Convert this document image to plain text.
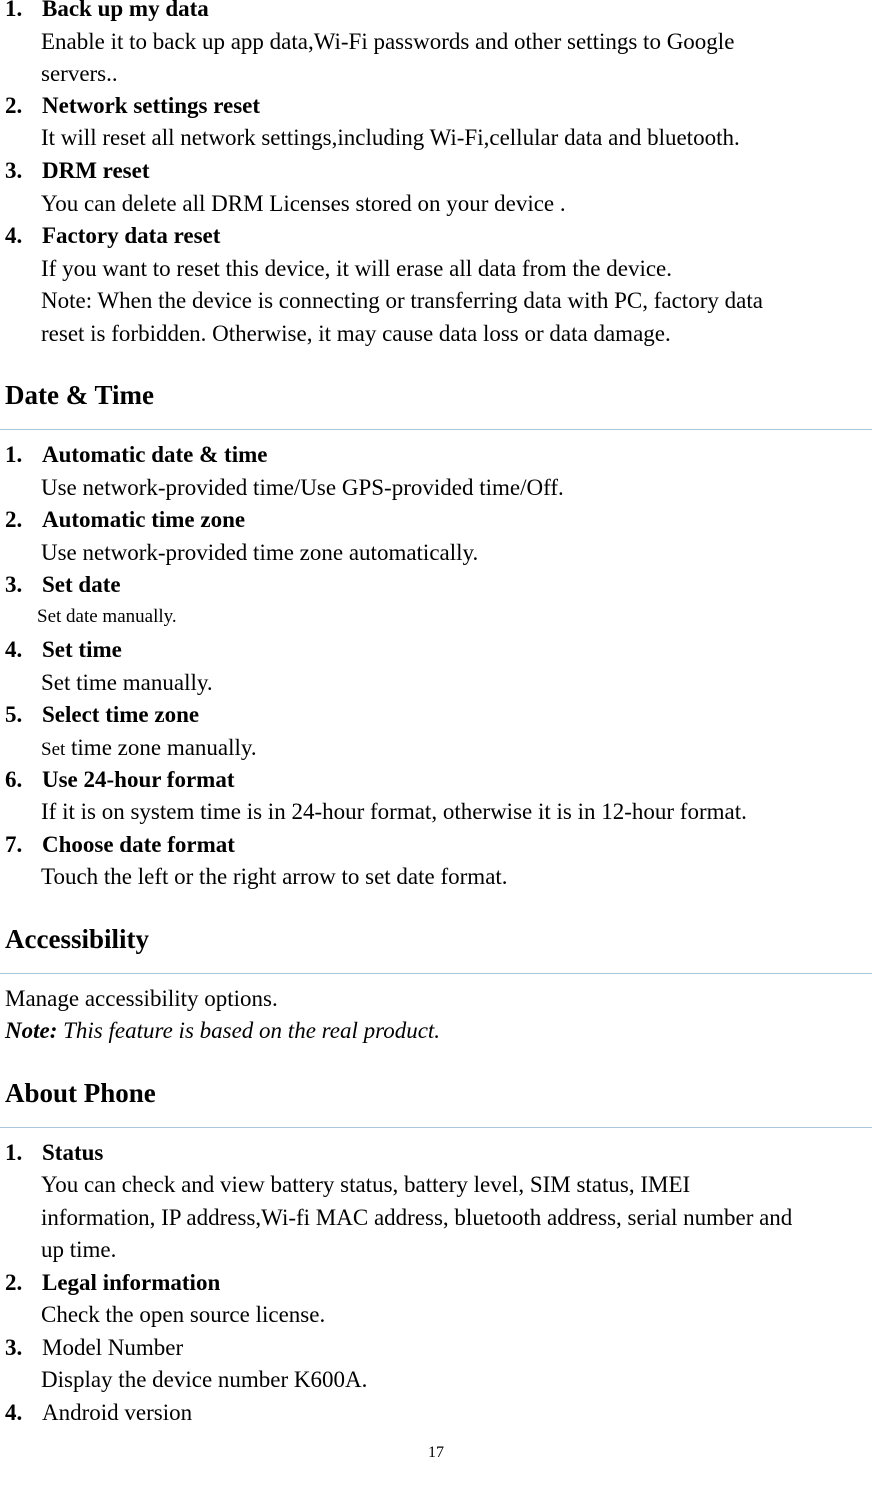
1. Back up my data
Enable it to back up app data,Wi-Fi passwords and other settings to Google
servers..
2. Network settings reset
It will reset all network settings,including Wi-Fi,cellular data and bluetooth.
3. DRM reset
You can delete all DRM Licenses stored on your device .
4. Factory data reset
If you want to reset this device, it will erase all data from the device.
Note: When the device is connecting or transferring data with PC, factory data
reset is forbidden. Otherwise, it may cause data loss or data damage.
Date & Time
1. Automatic date & time
Use network-provided time/Use GPS-provided time/Off.
2. Automatic time zone
Use network-provided time zone automatically.
3. Set date
Set date manually.
4. Set time
Set time manually.
5. Select time zone
Set time zone manually.
6. Use 24-hour format
If it is on system time is in 24-hour format, otherwise it is in 12-hour format.
7. Choose date format
Touch the left or the right arrow to set date format.
Accessibility
Manage accessibility options.
Note: This feature is based on the real product.
About Phone
1. Status
You can check and view battery status, battery level, SIM status, IMEI
information, IP address,Wi-fi MAC address, bluetooth address, serial number and
up time.
2. Legal information
Check the open source license.
3. Model Number
Display the device number K600A.
4. Android version
17
